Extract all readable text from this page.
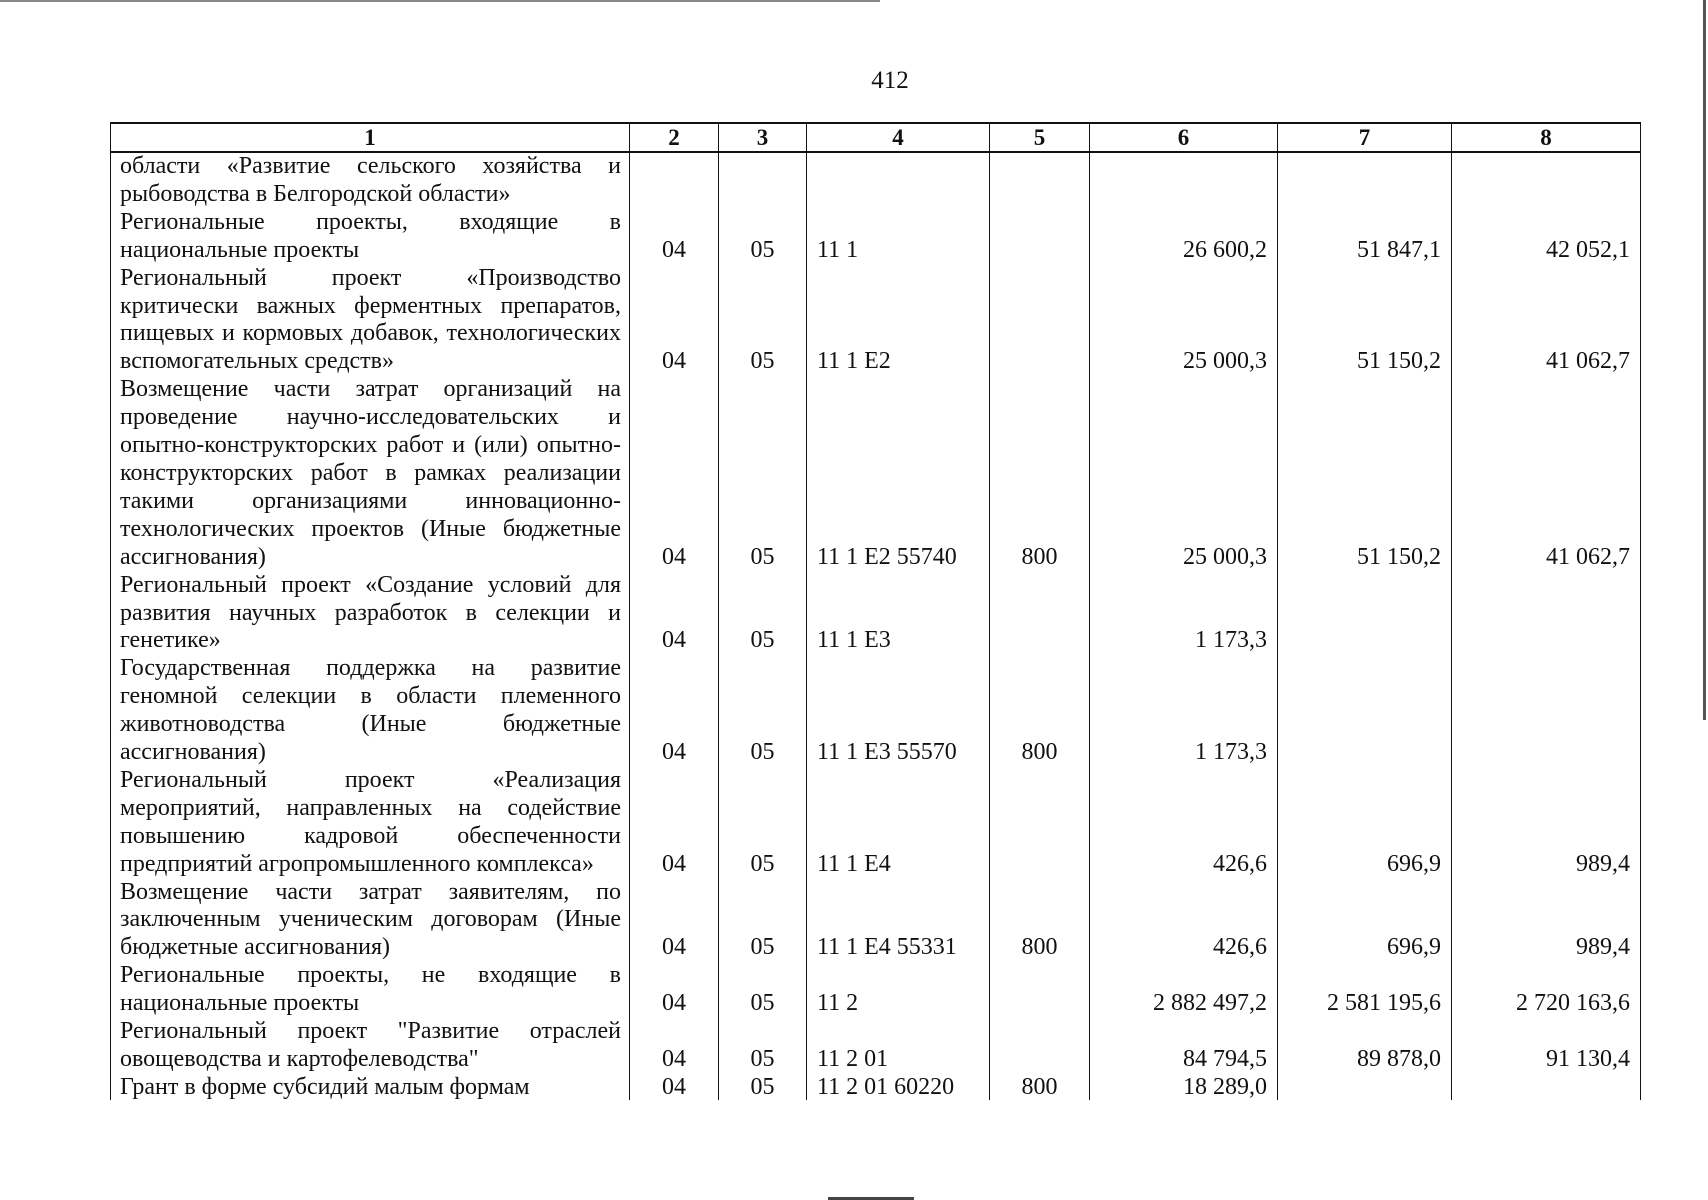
412
1	2	3	4	5	6	7	8
области «Развитие сельского хозяйства и рыбоводства в Белгородской области»							
Региональные проекты, входящие в национальные проекты	04	05	11 1		26 600,2	51 847,1	42 052,1
Региональный проект «Производство критически важных ферментных препаратов, пищевых и кормовых добавок, технологических вспомогательных средств»	04	05	11 1 Е2		25 000,3	51 150,2	41 062,7
Возмещение части затрат организаций на проведение научно-исследовательских и опытно-конструкторских работ и (или) опытно-конструкторских работ в рамках реализации такими организациями инновационно-технологических проектов (Иные бюджетные ассигнования)	04	05	11 1 Е2 55740	800	25 000,3	51 150,2	41 062,7
Региональный проект «Создание условий для развития научных разработок в селекции и генетике»	04	05	11 1 Е3		1 173,3		
Государственная поддержка на развитие геномной селекции в области племенного животноводства (Иные бюджетные ассигнования)	04	05	11 1 Е3 55570	800	1 173,3		
Региональный проект «Реализация мероприятий, направленных на содействие повышению кадровой обеспеченности предприятий агропромышленного комплекса»	04	05	11 1 Е4		426,6	696,9	989,4
Возмещение части затрат заявителям, по заключенным ученическим договорам (Иные бюджетные ассигнования)	04	05	11 1 Е4 55331	800	426,6	696,9	989,4
Региональные проекты, не входящие в национальные проекты	04	05	11 2		2 882 497,2	2 581 195,6	2 720 163,6
Региональный проект "Развитие отраслей овощеводства и картофелеводства"	04	05	11 2 01		84 794,5	89 878,0	91 130,4
Грант в форме субсидий малым формам	04	05	11 2 01 60220	800	18 289,0		
